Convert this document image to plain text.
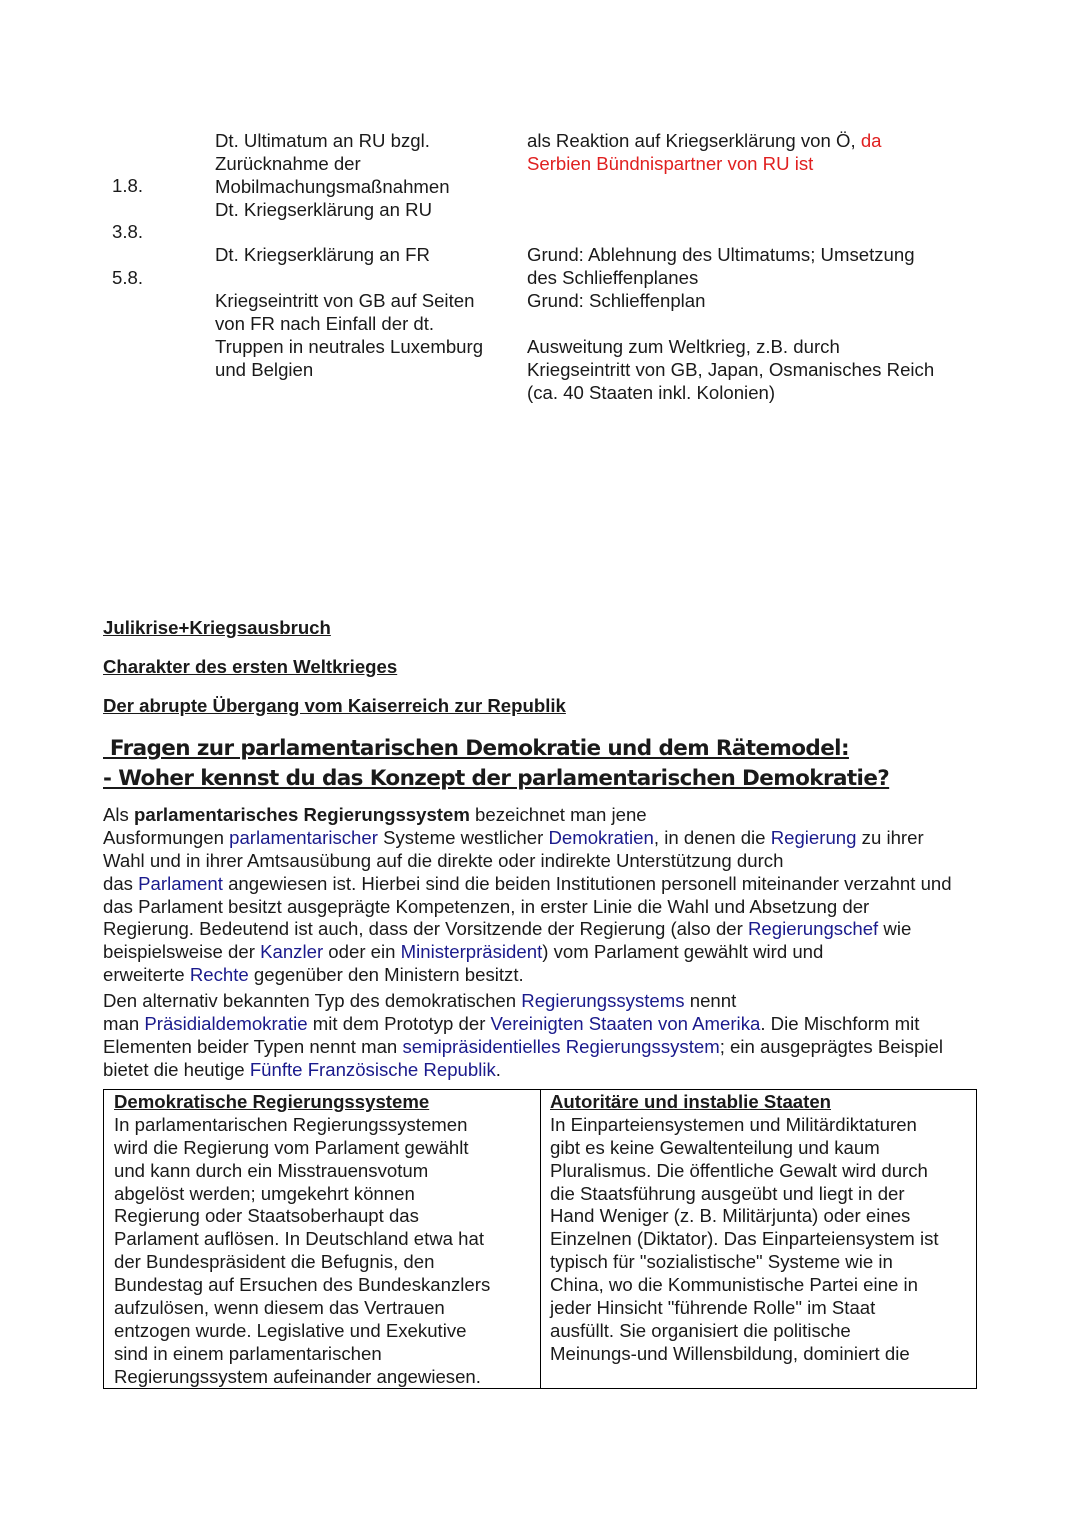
1.8.
3.8.
5.8.
Dt. Ultimatum an RU bzgl.
Zurücknahme der
Mobilmachungsmaßnahmen
Dt. Kriegserklärung an RU
Dt. Kriegserklärung an FR
Kriegseintritt von GB auf Seiten
von FR nach Einfall der dt.
Truppen in neutrales Luxemburg
und Belgien
als Reaktion auf Kriegserklärung von Ö, da
Serbien Bündnispartner von RU ist
Grund: Ablehnung des Ultimatums; Umsetzung
des Schlieffenplanes
Grund: Schlieffenplan
Ausweitung zum Weltkrieg, z.B. durch
Kriegseintritt von GB, Japan, Osmanisches Reich
(ca. 40 Staaten inkl. Kolonien)
Julikrise+Kriegsausbruch
Charakter des ersten Weltkrieges
Der abrupte Übergang vom Kaiserreich zur Republik
Fragen zur parlamentarischen Demokratie und dem Rätemodel:
- Woher kennst du das Konzept der parlamentarischen Demokratie?
Als parlamentarisches Regierungssystem bezeichnet man jene
Ausformungen parlamentarischer Systeme westlicher Demokratien, in denen die Regierung zu ihrer
Wahl und in ihrer Amtsausübung auf die direkte oder indirekte Unterstützung durch
das Parlament angewiesen ist. Hierbei sind die beiden Institutionen personell miteinander verzahnt und
das Parlament besitzt ausgeprägte Kompetenzen, in erster Linie die Wahl und Absetzung der
Regierung. Bedeutend ist auch, dass der Vorsitzende der Regierung (also der Regierungschef wie
beispielsweise der Kanzler oder ein Ministerpräsident) vom Parlament gewählt wird und
erweiterte Rechte gegenüber den Ministern besitzt.
Den alternativ bekannten Typ des demokratischen Regierungssystems nennt
man Präsidialdemokratie mit dem Prototyp der Vereinigten Staaten von Amerika. Die Mischform mit
Elementen beider Typen nennt man semipräsidentielles Regierungssystem; ein ausgeprägtes Beispiel
bietet die heutige Fünfte Französische Republik.
Demokratische Regierungssysteme
In parlamentarischen Regierungssystemen
wird die Regierung vom Parlament gewählt
und kann durch ein Misstrauensvotum
abgelöst werden; umgekehrt können
Regierung oder Staatsoberhaupt das
Parlament auflösen. In Deutschland etwa hat
der Bundespräsident die Befugnis, den
Bundestag auf Ersuchen des Bundeskanzlers
aufzulösen, wenn diesem das Vertrauen
entzogen wurde. Legislative und Exekutive
sind in einem parlamentarischen
Regierungssystem aufeinander angewiesen.
Autoritäre und instablie Staaten
In Einparteiensystemen und Militärdiktaturen
gibt es keine Gewaltenteilung und kaum
Pluralismus. Die öffentliche Gewalt wird durch
die Staatsführung ausgeübt und liegt in der
Hand Weniger (z. B. Militärjunta) oder eines
Einzelnen (Diktator). Das Einparteiensystem ist
typisch für "sozialistische" Systeme wie in
China, wo die Kommunistische Partei eine in
jeder Hinsicht "führende Rolle" im Staat
ausfüllt. Sie organisiert die politische
Meinungs-und Willensbildung, dominiert die
